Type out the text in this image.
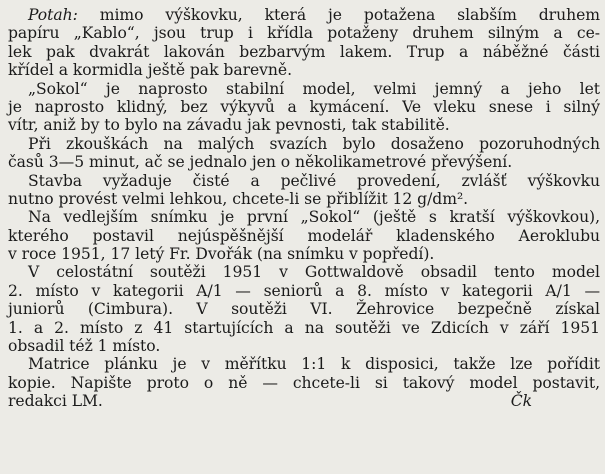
Potah: mimo výškovku, která je potažena slabším druhem
papíru „Kablo“, jsou trup i křídla potaženy druhem silným a ce-
lek pak dvakrát lakován bezbarvým lakem. Trup a náběžné části
křídel a kormidla ještě pak barevně.
„Sokol“ je naprosto stabilní model, velmi jemný a jeho let
je naprosto klidný, bez výkyvů a kymácení. Ve vleku snese i silný
vítr, aniž by to bylo na závadu jak pevnosti, tak stabilitě.
Při zkouškách na malých svazích bylo dosaženo pozoruhodných
časů 3—5 minut, ač se jednalo jen o několikametrové převýšení.
Stavba vyžaduje čisté a pečlivé provedení, zvlášť výškovku
nutno provést velmi lehkou, chcete-li se přiblížit 12 g/dm².
Na vedlejším snímku je první „Sokol“ (ještě s kratší výškovkou),
kterého postavil nejúspěšnější modelář kladenského Aeroklubu
v roce 1951, 17 letý Fr. Dvořák (na snímku v popředí).
V celostátní soutěži 1951 v Gottwaldově obsadil tento model
2. místo v kategorii A/1 — seniorů a 8. místo v kategorii A/1 —
juniorů (Cimbura). V soutěži VI. Žehrovice bezpečně získal
1. a 2. místo z 41 startujících a na soutěži ve Zdicích v září 1951
obsadil též 1 místo.
Matrice plánku je v měřítku 1:1 k disposici, takže lze pořídit
kopie. Napište proto o ně — chcete-li si takový model postavit,
redakci LM.	Čk
